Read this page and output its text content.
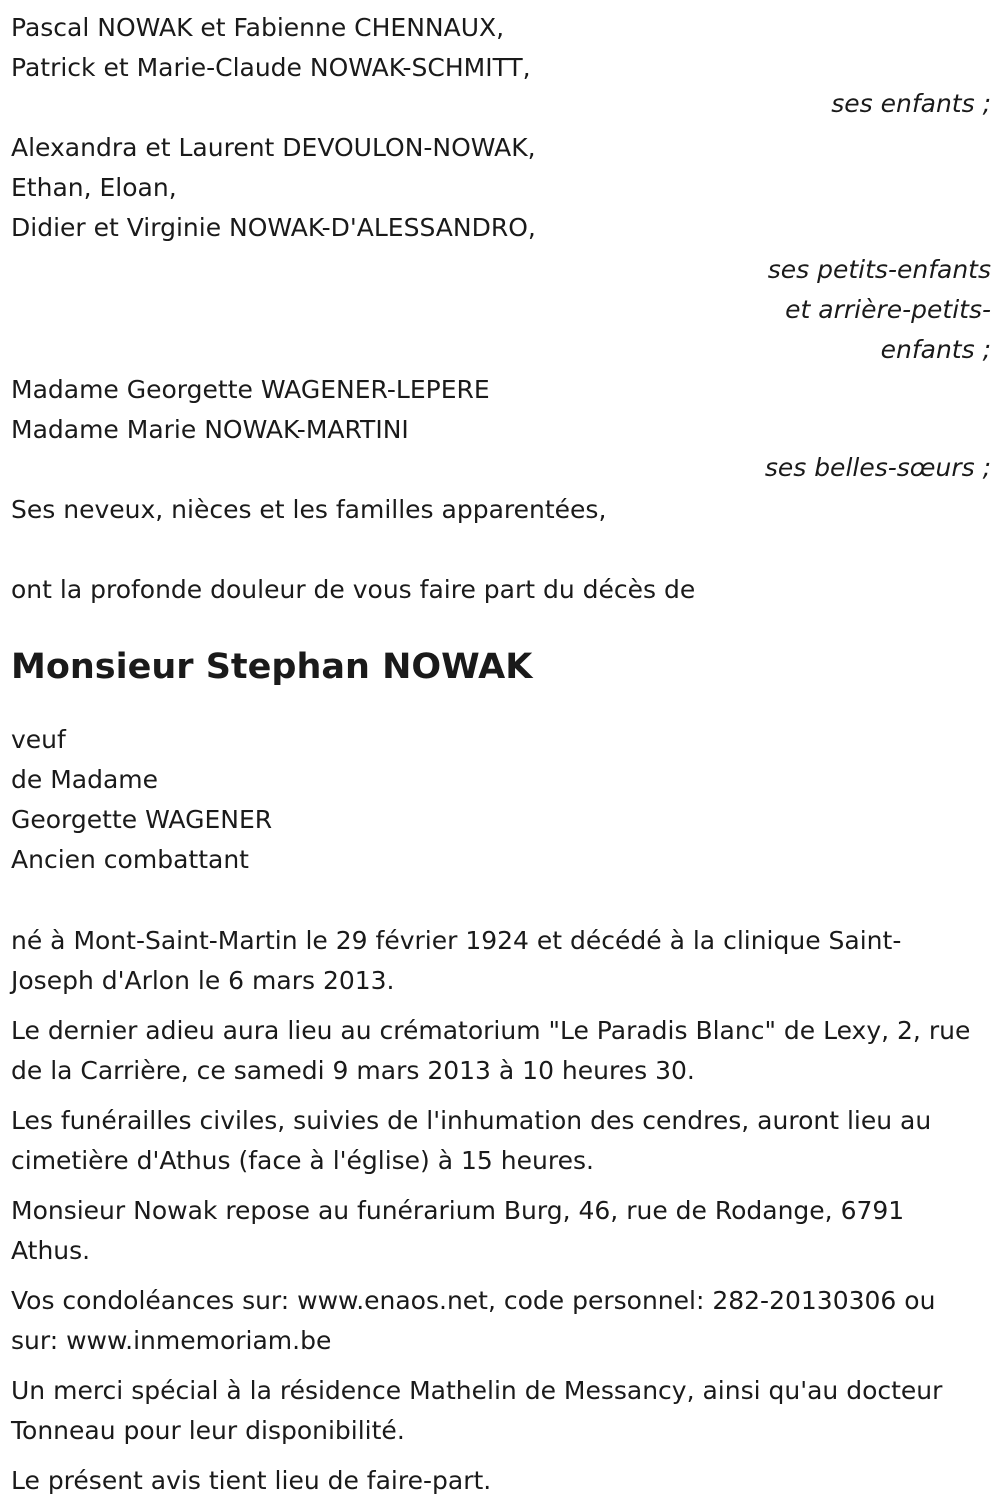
Pascal NOWAK et Fabienne CHENNAUX,
Patrick et Marie-Claude NOWAK-SCHMITT,
ses enfants ;
Alexandra et Laurent DEVOULON-NOWAK,
Ethan, Eloan,
Didier et Virginie NOWAK-D'ALESSANDRO,
ses petits-enfants
et arrière-petits-
enfants ;
Madame Georgette WAGENER-LEPERE
Madame Marie NOWAK-MARTINI
ses belles-sœurs ;
Ses neveux, nièces et les familles apparentées,
ont la profonde douleur de vous faire part du décès de
Monsieur Stephan NOWAK
veuf
de Madame
Georgette WAGENER
Ancien combattant

né à Mont-Saint-Martin le 29 février 1924 et décédé à la clinique Saint-Joseph d'Arlon le 6 mars 2013.

Le dernier adieu aura lieu au crématorium "Le Paradis Blanc" de Lexy, 2, rue de la Carrière, ce samedi 9 mars 2013 à 10 heures 30.

Les funérailles civiles, suivies de l'inhumation des cendres, auront lieu au cimetière d'Athus (face à l'église) à 15 heures.

Monsieur Nowak repose au funérarium Burg, 46, rue de Rodange, 6791 Athus.

Vos condoléances sur: www.enaos.net, code personnel: 282-20130306 ou sur: www.inmemoriam.be

Un merci spécial à la résidence Mathelin de Messancy, ainsi qu'au docteur Tonneau pour leur disponibilité.

Le présent avis tient lieu de faire-part.
